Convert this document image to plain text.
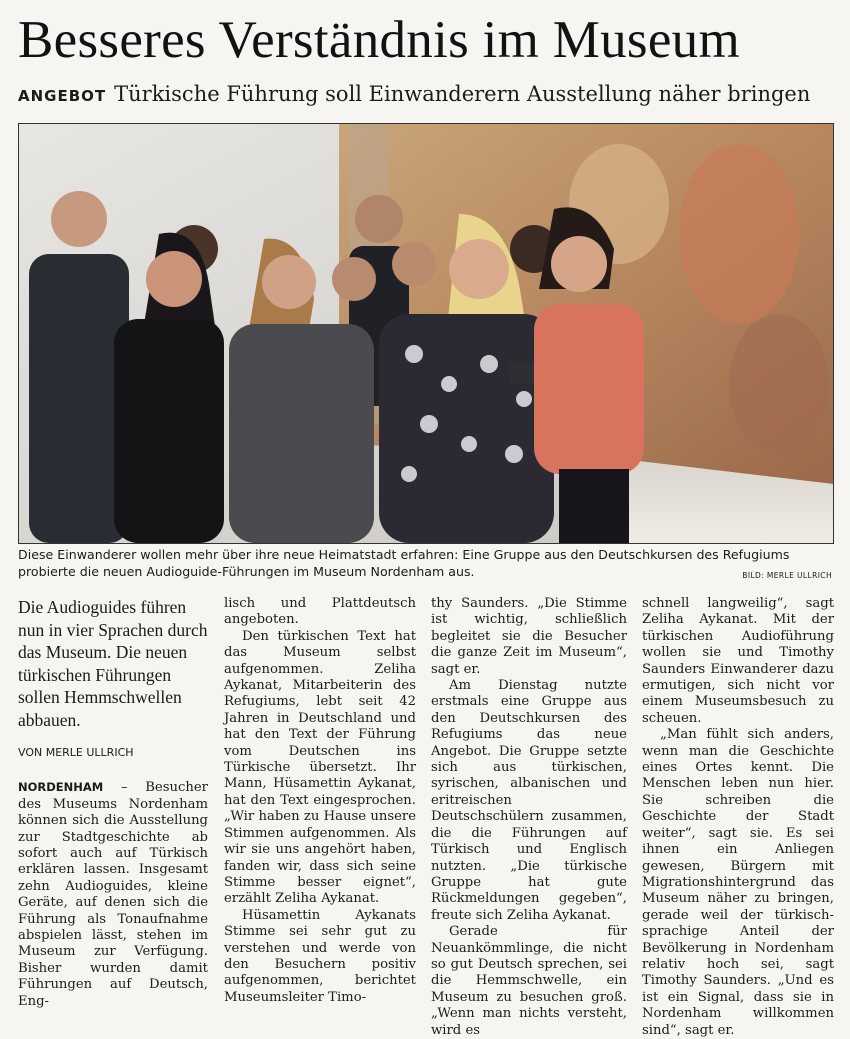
Besseres Verständnis im Museum
ANGEBOT Türkische Führung soll Einwanderern Ausstellung näher bringen
Diese Einwanderer wollen mehr über ihre neue Heimatstadt erfahren: Eine Gruppe aus den Deutschkursen des Refugiums probierte die neuen Audioguide-Führungen im Museum Nordenham aus.	BILD: MERLE ULLRICH

Die Audioguides führen nun in vier Sprachen durch das Museum. Die neuen türkischen Führungen sollen Hemmschwellen abbauen.

VON MERLE ULLRICH

NORDENHAM – Besucher des Museums Nordenham können sich die Ausstellung zur Stadtgeschichte ab sofort auch auf Türkisch erklären lassen. Insgesamt zehn Audioguides, kleine Geräte, auf denen sich die Führung als Tonaufnahme abspielen lässt, stehen im Museum zur Verfügung. Bisher wurden damit Führungen auf Deutsch, Eng-

lisch und Plattdeutsch angeboten.

Den türkischen Text hat das Museum selbst aufgenommen. Zeliha Aykanat, Mitarbeiterin des Refugiums, lebt seit 42 Jahren in Deutschland und hat den Text der Führung vom Deutschen ins Türkische übersetzt. Ihr Mann, Hüsamettin Aykanat, hat den Text eingesprochen. „Wir haben zu Hause unsere Stimmen aufgenommen. Als wir sie uns angehört haben, fanden wir, dass sich seine Stimme besser eignet“, erzählt Zeliha Aykanat.

Hüsamettin Aykanats Stimme sei sehr gut zu verstehen und werde von den Besuchern positiv aufgenommen, berichtet Museumsleiter Timo-

thy Saunders. „Die Stimme ist wichtig, schließlich begleitet sie die Besucher die ganze Zeit im Museum“, sagt er.

Am Dienstag nutzte erstmals eine Gruppe aus den Deutschkursen des Refugiums das neue Angebot. Die Gruppe setzte sich aus türkischen, syrischen, albanischen und eritreischen Deutschschülern zusammen, die die Führungen auf Türkisch und Englisch nutzten. „Die türkische Gruppe hat gute Rückmeldungen gegeben“, freute sich Zeliha Aykanat.

Gerade für Neuankömmlinge, die nicht so gut Deutsch sprechen, sei die Hemmschwelle, ein Museum zu besuchen groß. „Wenn man nichts versteht, wird es

schnell langweilig“, sagt Zeliha Aykanat. Mit der türkischen Audioführung wollen sie und Timothy Saunders Einwanderer dazu ermutigen, sich nicht vor einem Museumsbesuch zu scheuen.

„Man fühlt sich anders, wenn man die Geschichte eines Ortes kennt. Die Menschen leben nun hier. Sie schreiben die Geschichte der Stadt weiter“, sagt sie. Es sei ihnen ein Anliegen gewesen, Bürgern mit Migrationshintergrund das Museum näher zu bringen, gerade weil der türkisch-sprachige Anteil der Bevölkerung in Nordenham relativ hoch sei, sagt Timothy Saunders. „Und es ist ein Signal, dass sie in Nordenham willkommen sind“, sagt er.
